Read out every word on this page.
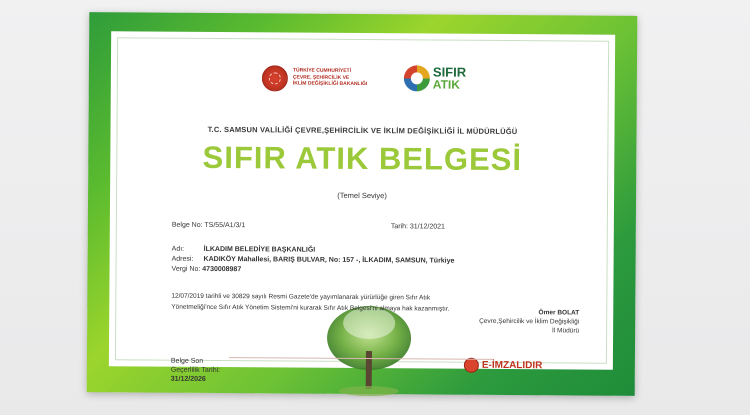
TÜRKİYE CUMHURİYETİ
ÇEVRE, ŞEHİRCİLİK VE
İKLİM DEĞİŞİKLİĞİ BAKANLIĞI
SIFIR
ATIK
T.C. SAMSUN VALİLİĞİ ÇEVRE,ŞEHİRCİLİK VE İKLİM DEĞİŞİKLİĞİ İL MÜDÜRLÜĞÜ
SIFIR ATIK BELGESİ
(Temel Seviye)
Belge No: TS/55/A1/3/1	Tarih: 31/12/2021
Adı:	İLKADIM BELEDİYE BAŞKANLIĞI
Adresi: KADIKÖY Mahallesi, BARIŞ BULVAR, No: 157 -, İLKADIM, SAMSUN, Türkiye
Vergi No: 4730008987
12/07/2019 tarihli ve 30829 sayılı Resmi Gazete'de yayımlanarak yürürlüğe giren Sıfır Atık
Yönetmeliği'nce Sıfır Atık Yönetim Sistemi'ni kurarak Sıfır Atık Belgesi'ni almaya hak kazanmıştır.
Ömer BOLAT
Çevre,Şehircilik ve İklim Değişikliği
İl Müdürü
Belge Son
Geçerlilik Tarihi:
31/12/2026
E-İMZALIDIR
